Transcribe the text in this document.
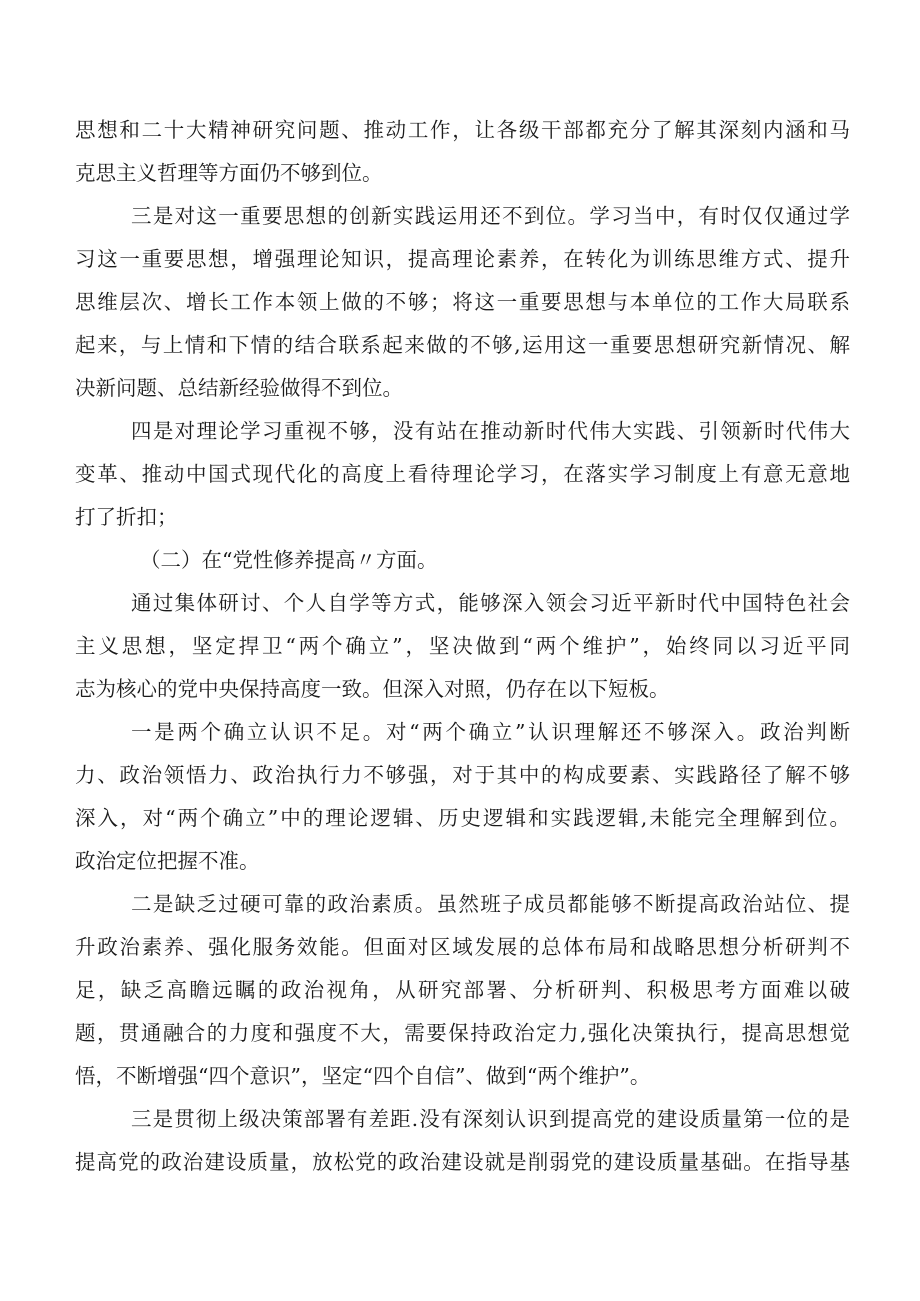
思想和二十大精神研究问题、推动工作，让各级干部都充分了解其深刻内涵和马
克思主义哲理等方面仍不够到位。
三是对这一重要思想的创新实践运用还不到位。学习当中，有时仅仅通过学
习这一重要思想，增强理论知识，提高理论素养，在转化为训练思维方式、提升
思维层次、增长工作本领上做的不够；将这一重要思想与本单位的工作大局联系
起来，与上情和下情的结合联系起来做的不够,运用这一重要思想研究新情况、解
决新问题、总结新经验做得不到位。
四是对理论学习重视不够，没有站在推动新时代伟大实践、引领新时代伟大
变革、推动中国式现代化的高度上看待理论学习，在落实学习制度上有意无意地
打了折扣；
（二）在“党性修养提高〃方面。
通过集体研讨、个人自学等方式，能够深入领会习近平新时代中国特色社会
主义思想，坚定捍卫“两个确立”，坚决做到“两个维护”，始终同以习近平同
志为核心的党中央保持高度一致。但深入对照，仍存在以下短板。
一是两个确立认识不足。对“两个确立”认识理解还不够深入。政治判断
力、政治领悟力、政治执行力不够强，对于其中的构成要素、实践路径了解不够
深入，对“两个确立”中的理论逻辑、历史逻辑和实践逻辑,未能完全理解到位。
政治定位把握不准。
二是缺乏过硬可靠的政治素质。虽然班子成员都能够不断提高政治站位、提
升政治素养、强化服务效能。但面对区域发展的总体布局和战略思想分析研判不
足，缺乏高瞻远瞩的政治视角，从研究部署、分析研判、积极思考方面难以破
题，贯通融合的力度和强度不大，需要保持政治定力,强化决策执行，提高思想觉
悟，不断增强“四个意识”，坚定“四个自信”、做到“两个维护”。
三是贯彻上级决策部署有差距.没有深刻认识到提高党的建设质量第一位的是
提高党的政治建设质量，放松党的政治建设就是削弱党的建设质量基础。在指导基
